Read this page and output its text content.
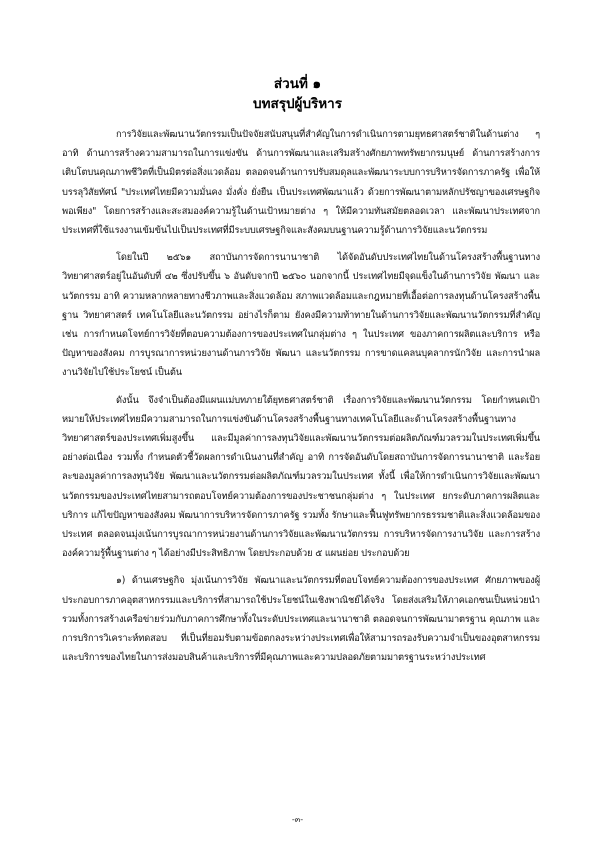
ส่วนที่ ๑
บทสรุปผู้บริหาร

การวิจัยและพัฒนานวัตกรรมเป็นปัจจัยสนับสนุนที่สำคัญในการดำเนินการตามยุทธศาสตร์ชาติในด้านต่าง ๆ อาทิ ด้านการสร้างความสามารถในการแข่งขัน ด้านการพัฒนาและเสริมสร้างศักยภาพทรัพยากรมนุษย์ ด้านการสร้างการเติบโตบนคุณภาพชีวิตที่เป็นมิตรต่อสิ่งแวดล้อม ตลอดจนด้านการปรับสมดุลและพัฒนาระบบการบริหารจัดการภาครัฐ เพื่อให้บรรลุวิสัยทัศน์ "ประเทศไทยมีความมั่นคง มั่งคั่ง ยั่งยืน เป็นประเทศพัฒนาแล้ว ด้วยการพัฒนาตามหลักปรัชญาของเศรษฐกิจพอเพียง" โดยการสร้างและสะสมองค์ความรู้ในด้านเป้าหมายต่าง ๆ ให้มีความทันสมัยตลอดเวลา และพัฒนาประเทศจากประเทศที่ใช้แรงงานเข้มข้นไปเป็นประเทศที่มีระบบเศรษฐกิจและสังคมบนฐานความรู้ด้านการวิจัยและนวัตกรรม

โดยในปี ๒๕๖๑ สถาบันการจัดการนานาชาติ ได้จัดอันดับประเทศไทยในด้านโครงสร้างพื้นฐานทางวิทยาศาสตร์อยู่ในอันดับที่ ๔๒ ซึ่งปรับขึ้น ๖ อันดับจากปี ๒๕๖๐ นอกจากนี้ ประเทศไทยมีจุดแข็งในด้านการวิจัย พัฒนา และนวัตกรรม อาทิ ความหลากหลายทางชีวภาพและสิ่งแวดล้อม สภาพแวดล้อมและกฎหมายที่เอื้อต่อการลงทุนด้านโครงสร้างพื้นฐาน วิทยาศาสตร์ เทคโนโลยีและนวัตกรรม อย่างไรก็ตาม ยังคงมีความท้าทายในด้านการวิจัยและพัฒนานวัตกรรมที่สำคัญ เช่น การกำหนดโจทย์การวิจัยที่ตอบความต้องการของประเทศในกลุ่มต่าง ๆ ในประเทศ ของภาคการผลิตและบริการ หรือปัญหาของสังคม การบูรณาการหน่วยงานด้านการวิจัย พัฒนา และนวัตกรรม การขาดแคลนบุคลากรนักวิจัย และการนำผลงานวิจัยไปใช้ประโยชน์ เป็นต้น

ดังนั้น จึงจำเป็นต้องมีแผนแม่บทภายใต้ยุทธศาสตร์ชาติ เรื่องการวิจัยและพัฒนานวัตกรรม โดยกำหนดเป้าหมายให้ประเทศไทยมีความสามารถในการแข่งขันด้านโครงสร้างพื้นฐานทางเทคโนโลยีและด้านโครงสร้างพื้นฐานทางวิทยาศาสตร์ของประเทศเพิ่มสูงขึ้น และมีมูลค่าการลงทุนวิจัยและพัฒนานวัตกรรมต่อผลิตภัณฑ์มวลรวมในประเทศเพิ่มขึ้นอย่างต่อเนื่อง รวมทั้ง กำหนดตัวชี้วัดผลการดำเนินงานที่สำคัญ อาทิ การจัดอันดับโดยสถาบันการจัดการนานาชาติ และร้อยละของมูลค่าการลงทุนวิจัย พัฒนาและนวัตกรรมต่อผลิตภัณฑ์มวลรวมในประเทศ ทั้งนี้ เพื่อให้การดำเนินการวิจัยและพัฒนานวัตกรรมของประเทศไทยสามารถตอบโจทย์ความต้องการของประชาชนกลุ่มต่าง ๆ ในประเทศ ยกระดับภาคการผลิตและบริการ แก้ไขปัญหาของสังคม พัฒนาการบริหารจัดการภาครัฐ รวมทั้ง รักษาและฟื้นฟูทรัพยากรธรรมชาติและสิ่งแวดล้อมของประเทศ ตลอดจนมุ่งเน้นการบูรณาการหน่วยงานด้านการวิจัยและพัฒนานวัตกรรม การบริหารจัดการงานวิจัย และการสร้างองค์ความรู้พื้นฐานต่าง ๆ ได้อย่างมีประสิทธิภาพ โดยประกอบด้วย ๕ แผนย่อย ประกอบด้วย

๑) ด้านเศรษฐกิจ มุ่งเน้นการวิจัย พัฒนาและนวัตกรรมที่ตอบโจทย์ความต้องการของประเทศ ศักยภาพของผู้ประกอบการภาคอุตสาหกรรมและบริการที่สามารถใช้ประโยชน์ในเชิงพาณิชย์ได้จริง โดยส่งเสริมให้ภาคเอกชนเป็นหน่วยนำ รวมทั้งการสร้างเครือข่ายร่วมกับภาคการศึกษาทั้งในระดับประเทศและนานาชาติ ตลอดจนการพัฒนามาตรฐาน คุณภาพ และการบริการวิเคราะห์ทดสอบ ที่เป็นที่ยอมรับตามข้อตกลงระหว่างประเทศเพื่อให้สามารถรองรับความจำเป็นของอุตสาหกรรมและบริการของไทยในการส่งมอบสินค้าและบริการที่มีคุณภาพและความปลอดภัยตามมาตรฐานระหว่างประเทศ

-๓-
